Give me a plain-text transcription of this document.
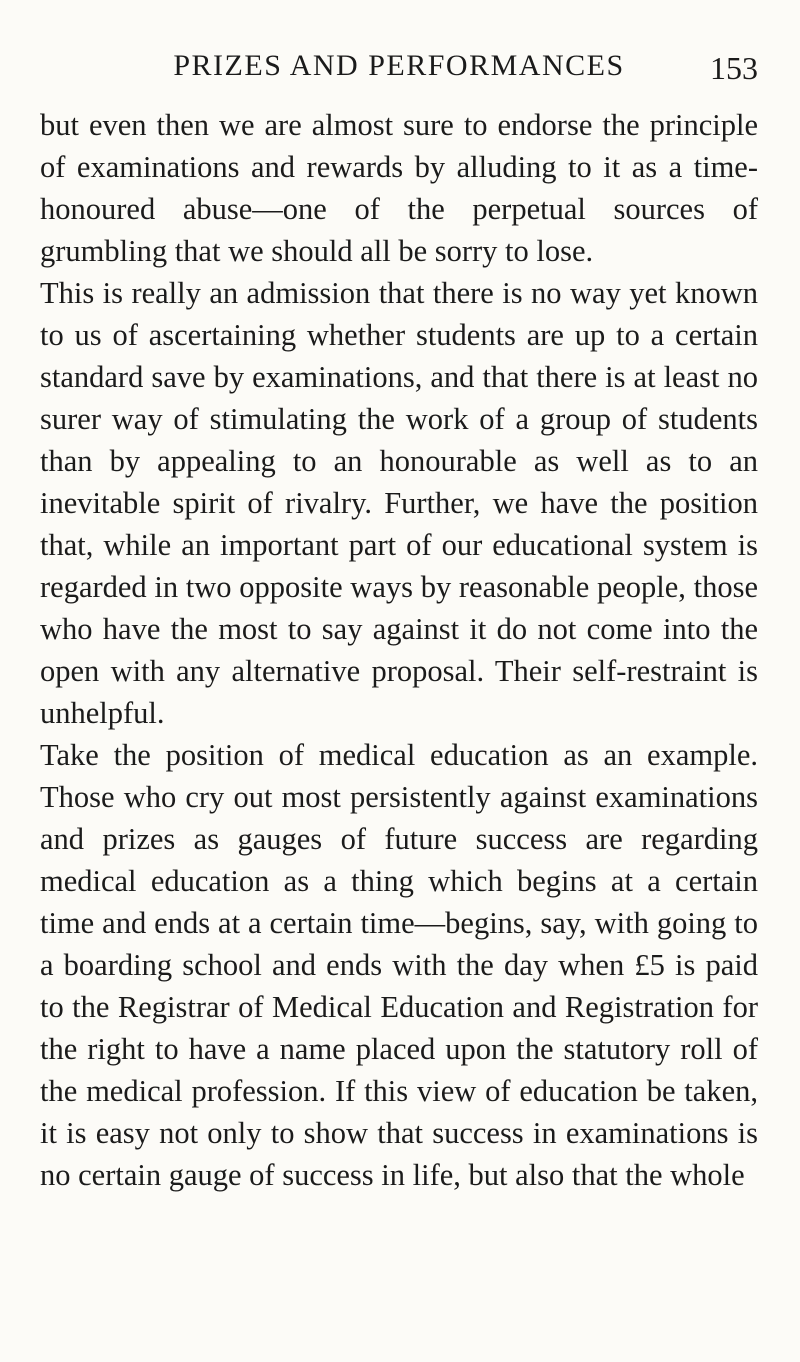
PRIZES AND PERFORMANCES	153

but even then we are almost sure to endorse the principle of examinations and rewards by alluding to it as a time-honoured abuse—one of the perpetual sources of grumbling that we should all be sorry to lose.

This is really an admission that there is no way yet known to us of ascertaining whether students are up to a certain standard save by examinations, and that there is at least no surer way of stimulating the work of a group of students than by appealing to an honourable as well as to an inevitable spirit of rivalry. Further, we have the position that, while an important part of our educational system is regarded in two opposite ways by reasonable people, those who have the most to say against it do not come into the open with any alternative proposal. Their self-restraint is unhelpful.

Take the position of medical education as an example. Those who cry out most persistently against examinations and prizes as gauges of future success are regarding medical education as a thing which begins at a certain time and ends at a certain time—begins, say, with going to a boarding school and ends with the day when £5 is paid to the Registrar of Medical Education and Registration for the right to have a name placed upon the statutory roll of the medical profession. If this view of education be taken, it is easy not only to show that success in examinations is no certain gauge of success in life, but also that the whole
